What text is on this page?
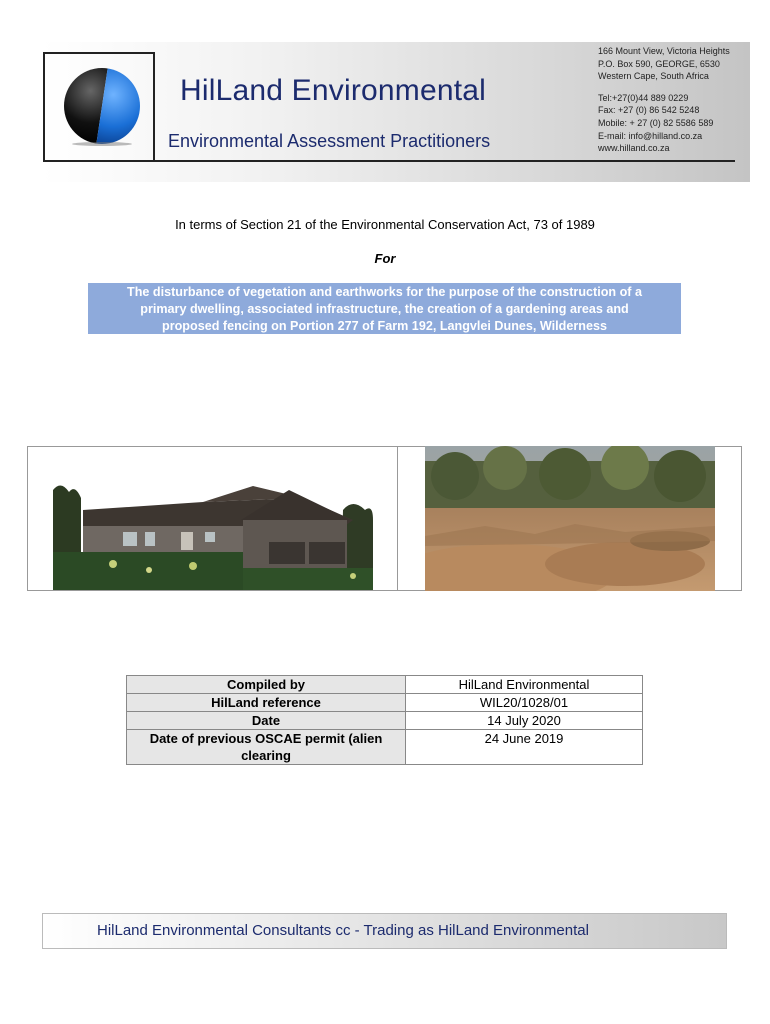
HilLand Environmental
Environmental Assessment Practitioners
166 Mount View, Victoria Heights
P.O. Box 590, GEORGE, 6530
Western Cape, South Africa
Tel:+27(0)44 889 0229
Fax: +27 (0) 86 542 5248
Mobile: + 27 (0) 82 5586 589
E-mail: info@hilland.co.za
www.hilland.co.za
In terms of Section 21 of the Environmental Conservation Act, 73 of 1989
For
The disturbance of vegetation and earthworks for the purpose of the construction of a
primary dwelling, associated infrastructure, the creation of a gardening areas and
proposed fencing on Portion 277 of Farm 192, Langvlei Dunes, Wilderness
Compiled by	HilLand Environmental
HilLand reference	WIL20/1028/01
Date	14 July 2020
Date of previous OSCAE permit (alien clearing	24 June 2019
HilLand Environmental Consultants cc - Trading as HilLand Environmental
